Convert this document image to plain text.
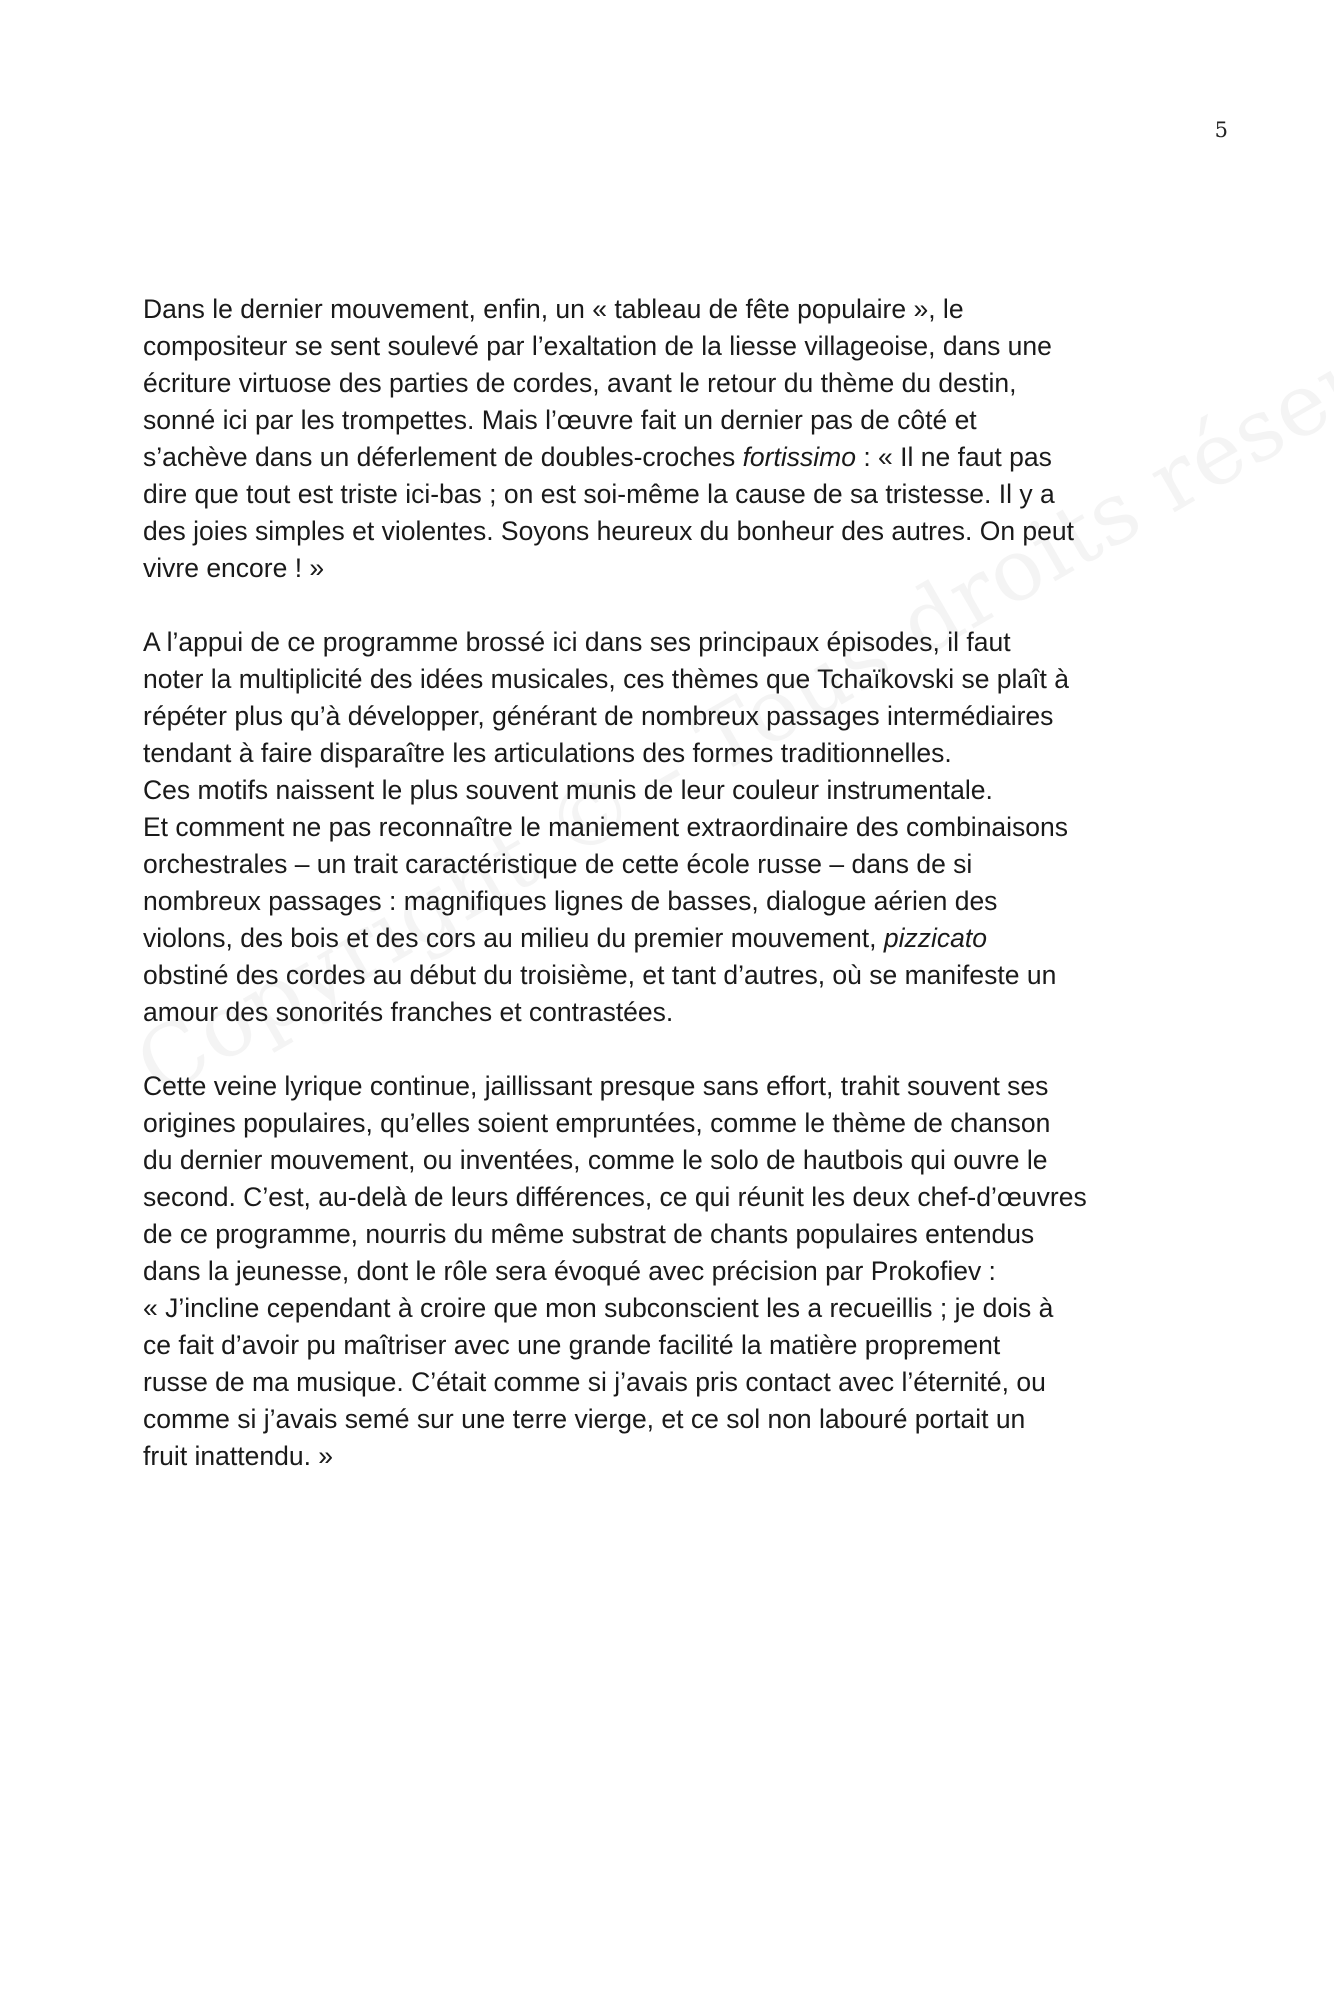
5
Dans le dernier mouvement, enfin, un « tableau de fête populaire », le
compositeur se sent soulevé par l’exaltation de la liesse villageoise, dans une
écriture virtuose des parties de cordes, avant le retour du thème du destin,
sonné ici par les trompettes. Mais l’œuvre fait un dernier pas de côté et
s’achève dans un déferlement de doubles-croches fortissimo : « Il ne faut pas
dire que tout est triste ici-bas ; on est soi-même la cause de sa tristesse. Il y a
des joies simples et violentes. Soyons heureux du bonheur des autres. On peut
vivre encore ! »
A l’appui de ce programme brossé ici dans ses principaux épisodes, il faut
noter la multiplicité des idées musicales, ces thèmes que Tchaïkovski se plaît à
répéter plus qu’à développer, générant de nombreux passages intermédiaires
tendant à faire disparaître les articulations des formes traditionnelles.
Ces motifs naissent le plus souvent munis de leur couleur instrumentale.
Et comment ne pas reconnaître le maniement extraordinaire des combinaisons
orchestrales – un trait caractéristique de cette école russe – dans de si
nombreux passages : magnifiques lignes de basses, dialogue aérien des
violons, des bois et des cors au milieu du premier mouvement, pizzicato
obstiné des cordes au début du troisième, et tant d’autres, où se manifeste un
amour des sonorités franches et contrastées.
Cette veine lyrique continue, jaillissant presque sans effort, trahit souvent ses
origines populaires, qu’elles soient empruntées, comme le thème de chanson
du dernier mouvement, ou inventées, comme le solo de hautbois qui ouvre le
second. C’est, au-delà de leurs différences, ce qui réunit les deux chef-d’œuvres
de ce programme, nourris du même substrat de chants populaires entendus
dans la jeunesse, dont le rôle sera évoqué avec précision par Prokofiev :
« J’incline cependant à croire que mon subconscient les a recueillis ; je dois à
ce fait d’avoir pu maîtriser avec une grande facilité la matière proprement
russe de ma musique. C’était comme si j’avais pris contact avec l’éternité, ou
comme si j’avais semé sur une terre vierge, et ce sol non labouré portait un
fruit inattendu. »
